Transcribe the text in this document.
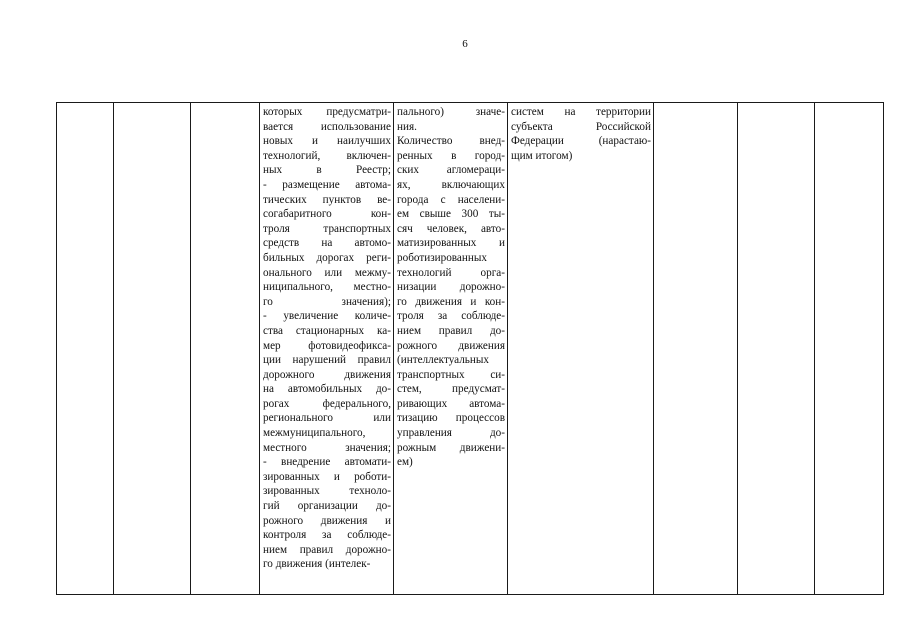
6

которых предусматри-
вается использование
новых и наилучших
технологий, включен-
ных в Реестр;
- размещение автома-
тических пунктов ве-
согабаритного кон-
троля транспортных
средств на автомо-
бильных дорогах реги-
онального или межму-
ниципального, местно-
го значения);
- увеличение количе-
ства стационарных ка-
мер фотовидеофикса-
ции нарушений правил
дорожного движения
на автомобильных до-
рогах федерального,
регионального или
межмуниципального,
местного значения;
- внедрение автомати-
зированных и роботи-
зированных техноло-
гий организации до-
рожного движения и
контроля за соблюде-
нием правил дорожно-
го движения (интелек-

пального) значе-
ния.
Количество внед-
ренных в город-
ских агломераци-
ях, включающих
города с населени-
ем свыше 300 ты-
сяч человек, авто-
матизированных и
роботизированных
технологий орга-
низации дорожно-
го движения и кон-
троля за соблюде-
нием правил до-
рожного движения
(интеллектуальных
транспортных си-
стем, предусмат-
ривающих автома-
тизацию процессов
управления до-
рожным движени-
ем)

систем на территории
субъекта Российской
Федерации (нарастаю-
щим итогом)
